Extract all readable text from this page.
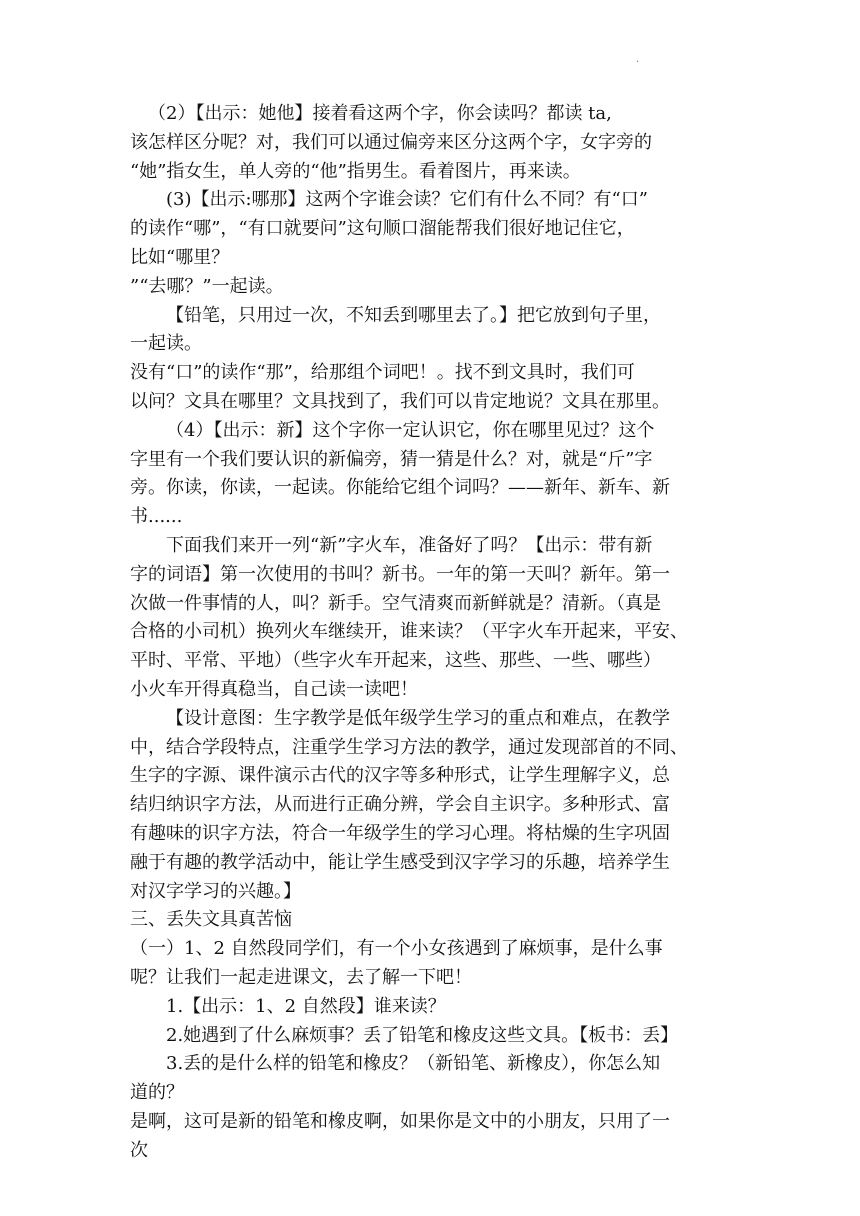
·
（2）【出示：她他】接着看这两个字，你会读吗？都读 ta,
该怎样区分呢？对，我们可以通过偏旁来区分这两个字，女字旁的
“她”指女生，单人旁的“他”指男生。看着图片，再来读。
(3)【出示:哪那】这两个字谁会读？它们有什么不同？有“口”
的读作“哪”，“有口就要问”这句顺口溜能帮我们很好地记住它，
比如“哪里？
”“去哪？”一起读。
【铅笔，只用过一次，不知丢到哪里去了。】把它放到句子里，
一起读。
没有“口”的读作“那”，给那组个词吧！。找不到文具时，我们可
以问？文具在哪里？文具找到了，我们可以肯定地说？文具在那里。
（4）【出示：新】这个字你一定认识它，你在哪里见过？这个
字里有一个我们要认识的新偏旁，猜一猜是什么？对，就是“斤”字
旁。你读，你读，一起读。你能给它组个词吗？——新年、新车、新
书......
下面我们来开一列“新”字火车，准备好了吗？【出示：带有新
字的词语】第一次使用的书叫？新书。一年的第一天叫？新年。第一
次做一件事情的人，叫？新手。空气清爽而新鲜就是？清新。（真是
合格的小司机）换列火车继续开，谁来读？（平字火车开起来，平安、
平时、平常、平地）（些字火车开起来，这些、那些、一些、哪些）
小火车开得真稳当，自己读一读吧！
【设计意图：生字教学是低年级学生学习的重点和难点，在教学
中，结合学段特点，注重学生学习方法的教学，通过发现部首的不同、
生字的字源、课件演示古代的汉字等多种形式，让学生理解字义，总
结归纳识字方法，从而进行正确分辨，学会自主识字。多种形式、富
有趣味的识字方法，符合一年级学生的学习心理。将枯燥的生字巩固
融于有趣的教学活动中，能让学生感受到汉字学习的乐趣，培养学生
对汉字学习的兴趣。】
三、丢失文具真苦恼
（一）1、2 自然段同学们，有一个小女孩遇到了麻烦事，是什么事
呢？让我们一起走进课文，去了解一下吧！
1.【出示：1、2 自然段】谁来读？
2.她遇到了什么麻烦事？丢了铅笔和橡皮这些文具。【板书：丢】
3.丢的是什么样的铅笔和橡皮？（新铅笔、新橡皮），你怎么知
道的？
是啊，这可是新的铅笔和橡皮啊，如果你是文中的小朋友，只用了一
次
